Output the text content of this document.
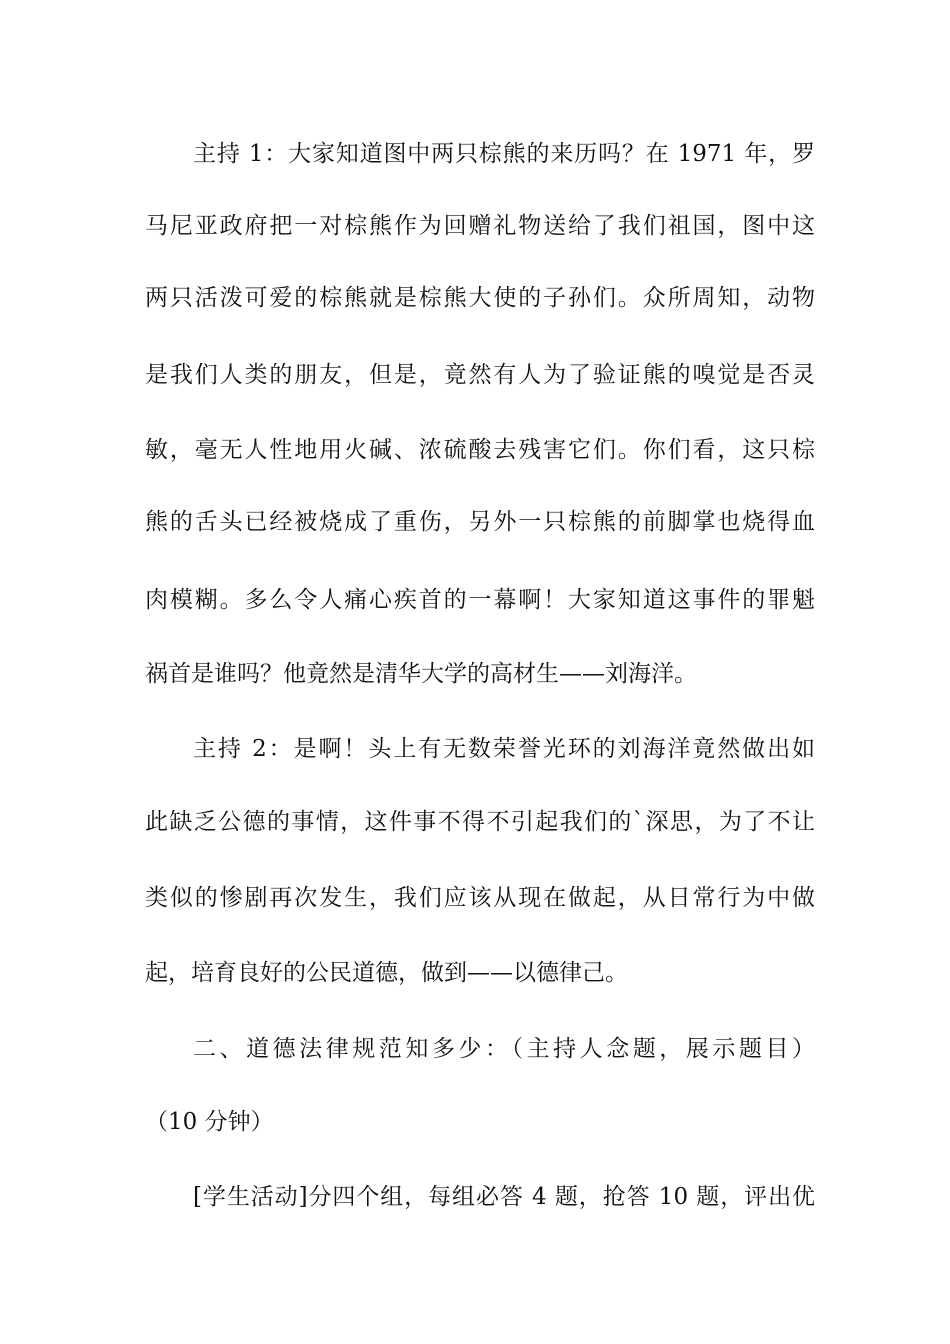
主持 1：大家知道图中两只棕熊的来历吗？在 1971 年，罗
马尼亚政府把一对棕熊作为回赠礼物送给了我们祖国，图中这
两只活泼可爱的棕熊就是棕熊大使的子孙们。众所周知，动物
是我们人类的朋友，但是，竟然有人为了验证熊的嗅觉是否灵
敏，毫无人性地用火碱、浓硫酸去残害它们。你们看，这只棕
熊的舌头已经被烧成了重伤，另外一只棕熊的前脚掌也烧得血
肉模糊。多么令人痛心疾首的一幕啊！大家知道这事件的罪魁
祸首是谁吗？他竟然是清华大学的高材生——刘海洋。
主持 2：是啊！头上有无数荣誉光环的刘海洋竟然做出如
此缺乏公德的事情，这件事不得不引起我们的`深思，为了不让
类似的惨剧再次发生，我们应该从现在做起，从日常行为中做
起，培育良好的公民道德，做到——以德律己。
二、道德法律规范知多少：（主持人念题，展示题目）
（10 分钟）
[学生活动]分四个组，每组必答 4 题，抢答 10 题，评出优
